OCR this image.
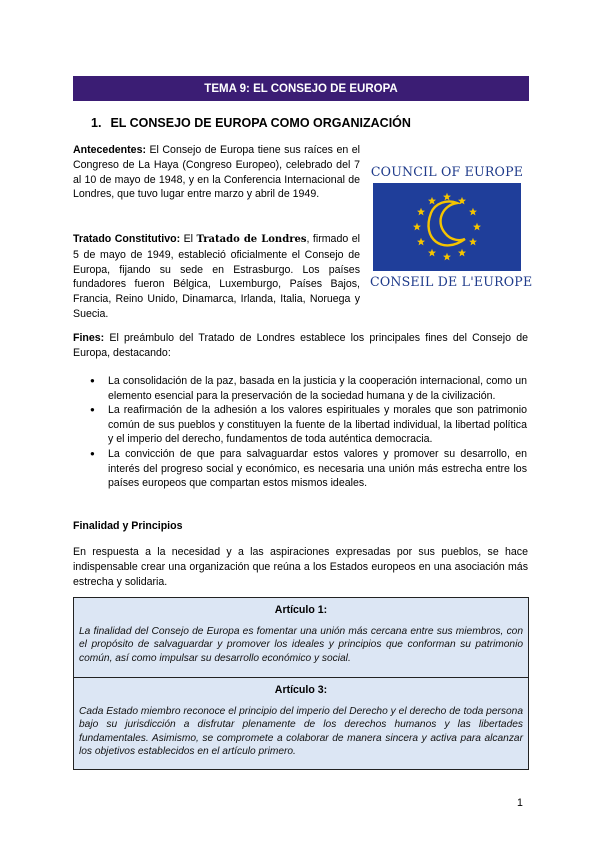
TEMA 9: EL CONSEJO DE EUROPA
1. EL CONSEJO DE EUROPA COMO ORGANIZACIÓN
Antecedentes: El Consejo de Europa tiene sus raíces en el Congreso de La Haya (Congreso Europeo), celebrado del 7 al 10 de mayo de 1948, y en la Conferencia Internacional de Londres, que tuvo lugar entre marzo y abril de 1949.
Tratado Constitutivo: El Tratado de Londres, firmado el 5 de mayo de 1949, estableció oficialmente el Consejo de Europa, fijando su sede en Estrasburgo. Los países fundadores fueron Bélgica, Luxemburgo, Países Bajos, Francia, Reino Unido, Dinamarca, Irlanda, Italia, Noruega y Suecia.
COUNCIL OF EUROPE
CONSEIL DE L'EUROPE
Fines: El preámbulo del Tratado de Londres establece los principales fines del Consejo de Europa, destacando:
● La consolidación de la paz, basada en la justicia y la cooperación internacional, como un elemento esencial para la preservación de la sociedad humana y de la civilización.
● La reafirmación de la adhesión a los valores espirituales y morales que son patrimonio común de sus pueblos y constituyen la fuente de la libertad individual, la libertad política y el imperio del derecho, fundamentos de toda auténtica democracia.
● La convicción de que para salvaguardar estos valores y promover su desarrollo, en interés del progreso social y económico, es necesaria una unión más estrecha entre los países europeos que compartan estos mismos ideales.
Finalidad y Principios
En respuesta a la necesidad y a las aspiraciones expresadas por sus pueblos, se hace indispensable crear una organización que reúna a los Estados europeos en una asociación más estrecha y solidaria.
Artículo 1:
La finalidad del Consejo de Europa es fomentar una unión más cercana entre sus miembros, con el propósito de salvaguardar y promover los ideales y principios que conforman su patrimonio común, así como impulsar su desarrollo económico y social.
Artículo 3:
Cada Estado miembro reconoce el principio del imperio del Derecho y el derecho de toda persona bajo su jurisdicción a disfrutar plenamente de los derechos humanos y las libertades fundamentales. Asimismo, se compromete a colaborar de manera sincera y activa para alcanzar los objetivos establecidos en el artículo primero.
1
